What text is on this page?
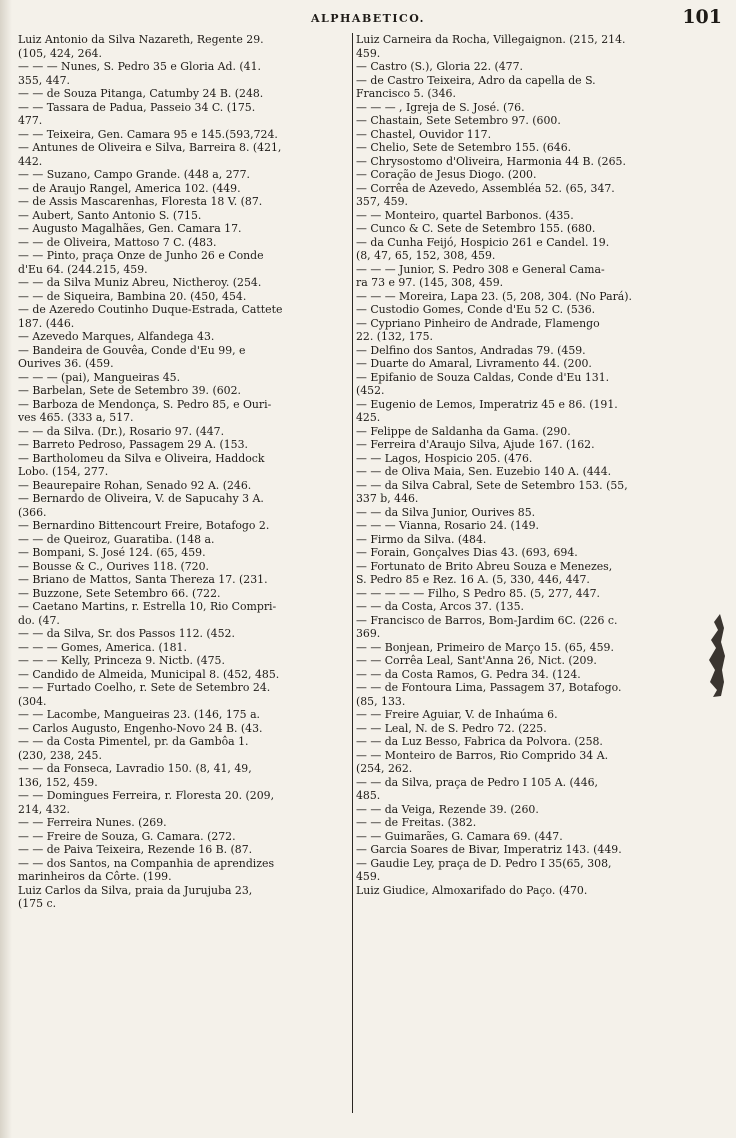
ALPHABETICO.	101
Luiz Antonio da Silva Nazareth, Regente 29.
(105, 424, 264.
— — — Nunes, S. Pedro 35 e Gloria Ad. (41.
355, 447.
— — de Souza Pitanga, Catumby 24 B. (248.
— — Tassara de Padua, Passeio 34 C. (175.
477.
— — Teixeira, Gen. Camara 95 e 145.(593,724.
— Antunes de Oliveira e Silva, Barreira 8. (421,
442.
— — Suzano, Campo Grande. (448 a, 277.
— de Araujo Rangel, America 102. (449.
— de Assis Mascarenhas, Floresta 18 V. (87.
— Aubert, Santo Antonio S. (715.
— Augusto Magalhães, Gen. Camara 17.
— — de Oliveira, Mattoso 7 C. (483.
— — Pinto, praça Onze de Junho 26 e Conde
d'Eu 64. (244.215, 459.
— — da Silva Muniz Abreu, Nictheroy. (254.
— — de Siqueira, Bambina 20. (450, 454.
— de Azeredo Coutinho Duque-Estrada, Cattete
187. (446.
— Azevedo Marques, Alfandega 43.
— Bandeira de Gouvêa, Conde d'Eu 99, e
Ourives 36. (459.
— — — (pai), Mangueiras 45.
— Barbelan, Sete de Setembro 39. (602.
— Barboza de Mendonça, S. Pedro 85, e Ouri-
ves 465. (333 a, 517.
— — da Silva. (Dr.), Rosario 97. (447.
— Barreto Pedroso, Passagem 29 A. (153.
— Bartholomeu da Silva e Oliveira, Haddock
Lobo. (154, 277.
— Beaurepaire Rohan, Senado 92 A. (246.
— Bernardo de Oliveira, V. de Sapucahy 3 A.
(366.
— Bernardino Bittencourt Freire, Botafogo 2.
— — de Queiroz, Guaratiba. (148 a.
— Bompani, S. José 124. (65, 459.
— Bousse & C., Ourives 118. (720.
— Briano de Mattos, Santa Thereza 17. (231.
— Buzzone, Sete Setembro 66. (722.
— Caetano Martins, r. Estrella 10, Rio Compri-
do. (47.
— — da Silva, Sr. dos Passos 112. (452.
— — — Gomes, America. (181.
— — — Kelly, Princeza 9. Nictb. (475.
— Candido de Almeida, Municipal 8. (452, 485.
— — Furtado Coelho, r. Sete de Setembro 24.
(304.
— — Lacombe, Mangueiras 23. (146, 175 a.
— Carlos Augusto, Engenho-Novo 24 B. (43.
— — da Costa Pimentel, pr. da Gambôa 1.
(230, 238, 245.
— — da Fonseca, Lavradio 150. (8, 41, 49,
136, 152, 459.
— — Domingues Ferreira, r. Floresta 20. (209,
214, 432.
— — Ferreira Nunes. (269.
— — Freire de Souza, G. Camara. (272.
— — de Paiva Teixeira, Rezende 16 B. (87.
— — dos Santos, na Companhia de aprendizes
marinheiros da Côrte. (199.
Luiz Carlos da Silva, praia da Jurujuba 23,
(175 c.
Luiz Carneira da Rocha, Villegaignon. (215, 214.
459.
— Castro (S.), Gloria 22. (477.
— de Castro Teixeira, Adro da capella de S.
Francisco 5. (346.
— — — , Igreja de S. José. (76.
— Chastain, Sete Setembro 97. (600.
— Chastel, Ouvidor 117.
— Chelio, Sete de Setembro 155. (646.
— Chrysostomo d'Oliveira, Harmonia 44 B. (265.
— Coração de Jesus Diogo. (200.
— Corrêa de Azevedo, Assembléa 52. (65, 347.
357, 459.
— — Monteiro, quartel Barbonos. (435.
— Cunco & C. Sete de Setembro 155. (680.
— da Cunha Feijó, Hospicio 261 e Candel. 19.
(8, 47, 65, 152, 308, 459.
— — — Junior, S. Pedro 308 e General Cama-
ra 73 e 97. (145, 308, 459.
— — — Moreira, Lapa 23. (5, 208, 304. (No Pará).
— Custodio Gomes, Conde d'Eu 52 C. (536.
— Cypriano Pinheiro de Andrade, Flamengo
22. (132, 175.
— Delfino dos Santos, Andradas 79. (459.
— Duarte do Amaral, Livramento 44. (200.
— Epifanio de Souza Caldas, Conde d'Eu 131.
(452.
— Eugenio de Lemos, Imperatriz 45 e 86. (191.
425.
— Felippe de Saldanha da Gama. (290.
— Ferreira d'Araujo Silva, Ajude 167. (162.
— — Lagos, Hospicio 205. (476.
— — de Oliva Maia, Sen. Euzebio 140 A. (444.
— — da Silva Cabral, Sete de Setembro 153. (55,
337 b, 446.
— — da Silva Junior, Ourives 85.
— — — Vianna, Rosario 24. (149.
— Firmo da Silva. (484.
— Forain, Gonçalves Dias 43. (693, 694.
— Fortunato de Brito Abreu Souza e Menezes,
S. Pedro 85 e Rez. 16 A. (5, 330, 446, 447.
— — — — — Filho, S Pedro 85. (5, 277, 447.
— — da Costa, Arcos 37. (135.
— Francisco de Barros, Bom-Jardim 6C. (226 c.
369.
— — Bonjean, Primeiro de Março 15. (65, 459.
— — Corrêa Leal, Sant'Anna 26, Nict. (209.
— — da Costa Ramos, G. Pedra 34. (124.
— — de Fontoura Lima, Passagem 37, Botafogo.
(85, 133.
— — Freire Aguiar, V. de Inhaúma 6.
— — Leal, N. de S. Pedro 72. (225.
— — da Luz Besso, Fabrica da Polvora. (258.
— — Monteiro de Barros, Rio Comprido 34 A.
(254, 262.
— — da Silva, praça de Pedro I 105 A. (446,
485.
— — da Veiga, Rezende 39. (260.
— — de Freitas. (382.
— — Guimarães, G. Camara 69. (447.
— Garcia Soares de Bivar, Imperatriz 143. (449.
— Gaudie Ley, praça de D. Pedro I 35(65, 308,
459.
Luiz Giudice, Almoxarifado do Paço. (470.
